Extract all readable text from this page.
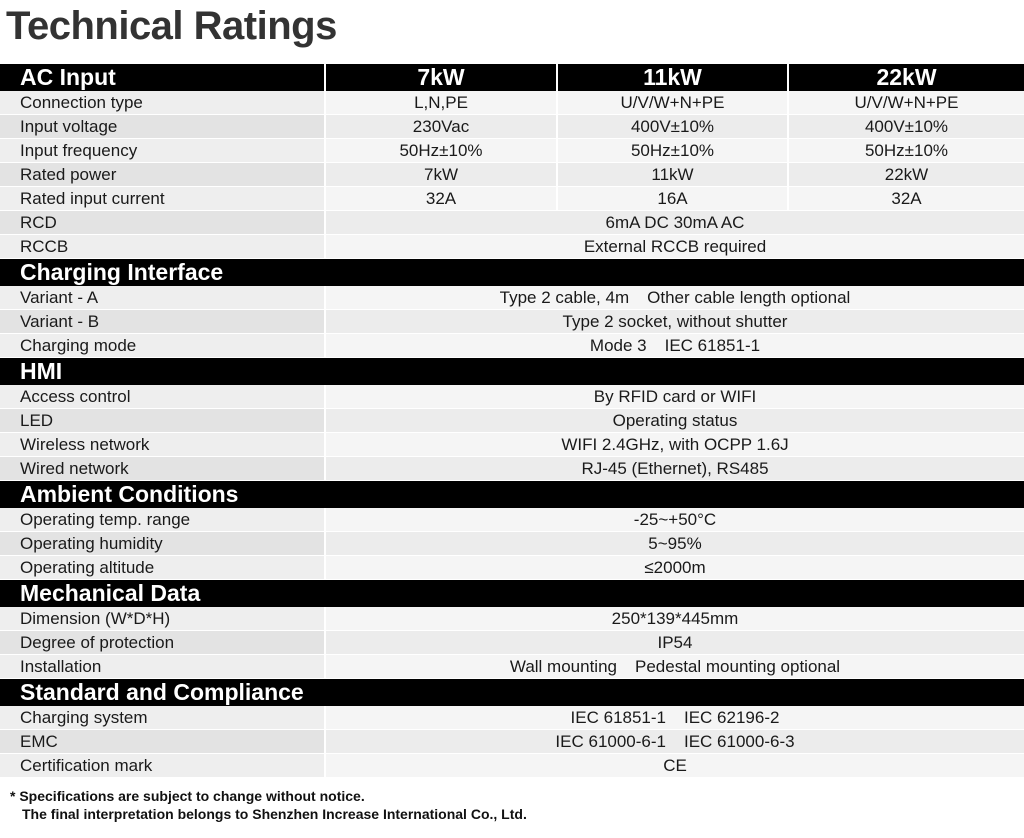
Technical Ratings
AC Input	7kW	11kW	22kW
Connection type	L,N,PE	U/V/W+N+PE	U/V/W+N+PE
Input voltage	230Vac	400V±10%	400V±10%
Input frequency	50Hz±10%	50Hz±10%	50Hz±10%
Rated power	7kW	11kW	22kW
Rated input current	32A	16A	32A
RCD	6mA DC 30mA AC		
RCCB	External RCCB required		
Charging Interface			
Variant - A	Type 2 cable, 4m Other cable length optional		
Variant - B	Type 2 socket, without shutter		
Charging mode	Mode 3 IEC 61851-1		
HMI			
Access control	By RFID card or WIFI		
LED	Operating status		
Wireless network	WIFI 2.4GHz, with OCPP 1.6J		
Wired network	RJ-45 (Ethernet), RS485		
Ambient Conditions			
Operating temp. range	-25~+50°C		
Operating humidity	5~95%		
Operating altitude	≤2000m		
Mechanical Data			
Dimension (W*D*H)	250*139*445mm		
Degree of protection	IP54		
Installation	Wall mounting Pedestal mounting optional		
Standard and Compliance			
Charging system	IEC 61851-1 IEC 62196-2		
EMC	IEC 61000-6-1 IEC 61000-6-3		
Certification mark	CE		
* Specifications are subject to change without notice.
The final interpretation belongs to Shenzhen Increase International Co., Ltd.
